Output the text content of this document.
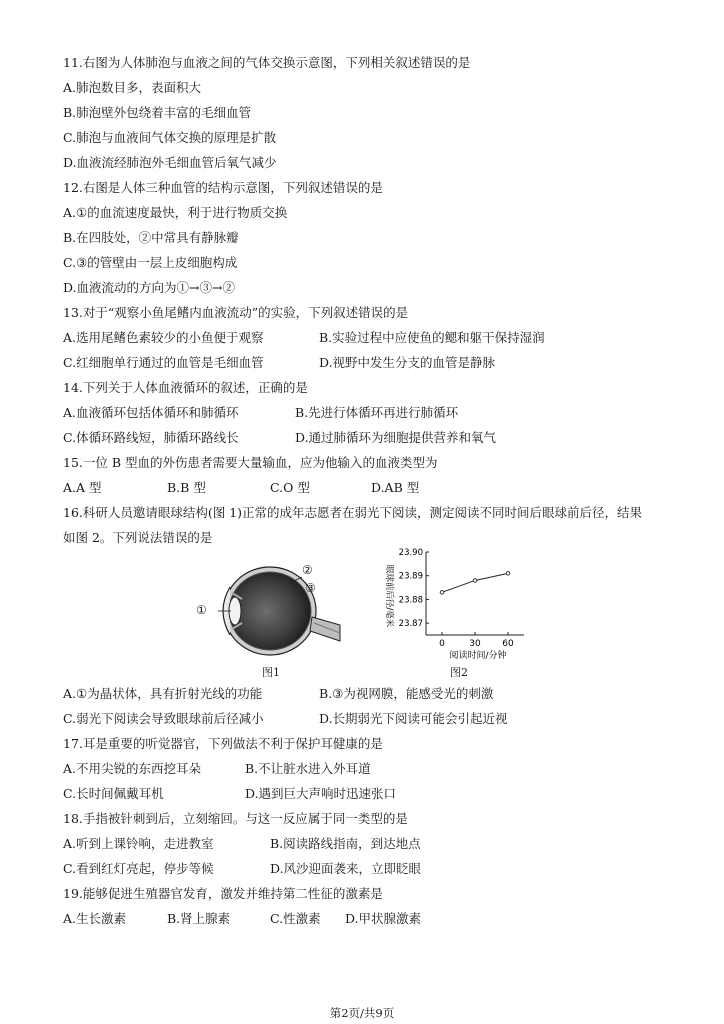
11.右图为人体肺泡与血液之间的气体交换示意图，下列相关叙述错误的是
A.肺泡数目多，表面积大
B.肺泡壁外包绕着丰富的毛细血管
C.肺泡与血液间气体交换的原理是扩散
D.血液流经肺泡外毛细血管后氧气减少
12.右图是人体三种血管的结构示意图，下列叙述错误的是
A.①的血流速度最快，利于进行物质交换
B.在四肢处，②中常具有静脉瓣
C.③的管壁由一层上皮细胞构成
D.血液流动的方向为①→③→②
13.对于“观察小鱼尾鳍内血液流动”的实验，下列叙述错误的是
A.选用尾鳍色素较少的小鱼便于观察	B.实验过程中应使鱼的鳃和躯干保持湿润
C.红细胞单行通过的血管是毛细血管	D.视野中发生分支的血管是静脉
14.下列关于人体血液循环的叙述，正确的是
A.血液循环包括体循环和肺循环	B.先进行体循环再进行肺循环
C.体循环路线短，肺循环路线长	D.通过肺循环为细胞提供营养和氧气
15.一位 B 型血的外伤患者需要大量输血，应为他输入的血液类型为
A.A 型	B.B 型	C.O 型	D.AB 型
16.科研人员邀请眼球结构(图 1)正常的成年志愿者在弱光下阅读，测定阅读不同时间后眼球前后径，结果
如图 2。下列说法错误的是
①
②
③
图1
23.90
23.89
23.88
23.87
0	30 60
眼球前后径/毫米
阅读时间/分钟
图2
A.①为晶状体，具有折射光线的功能	B.③为视网膜，能感受光的刺激
C.弱光下阅读会导致眼球前后径减小	D.长期弱光下阅读可能会引起近视
17.耳是重要的听觉器官，下列做法不利于保护耳健康的是
A.不用尖锐的东西挖耳朵	B.不让脏水进入外耳道
C.长时间佩戴耳机	D.遇到巨大声响时迅速张口
18.手指被针刺到后，立刻缩回。与这一反应属于同一类型的是
A.听到上课铃响，走进教室	B.阅读路线指南，到达地点
C.看到红灯亮起，停步等候	D.风沙迎面袭来，立即眨眼
19.能够促进生殖器官发育，激发并维持第二性征的激素是
A.生长激素	B.肾上腺素	C.性激素 D.甲状腺激素
第2页/共9页
